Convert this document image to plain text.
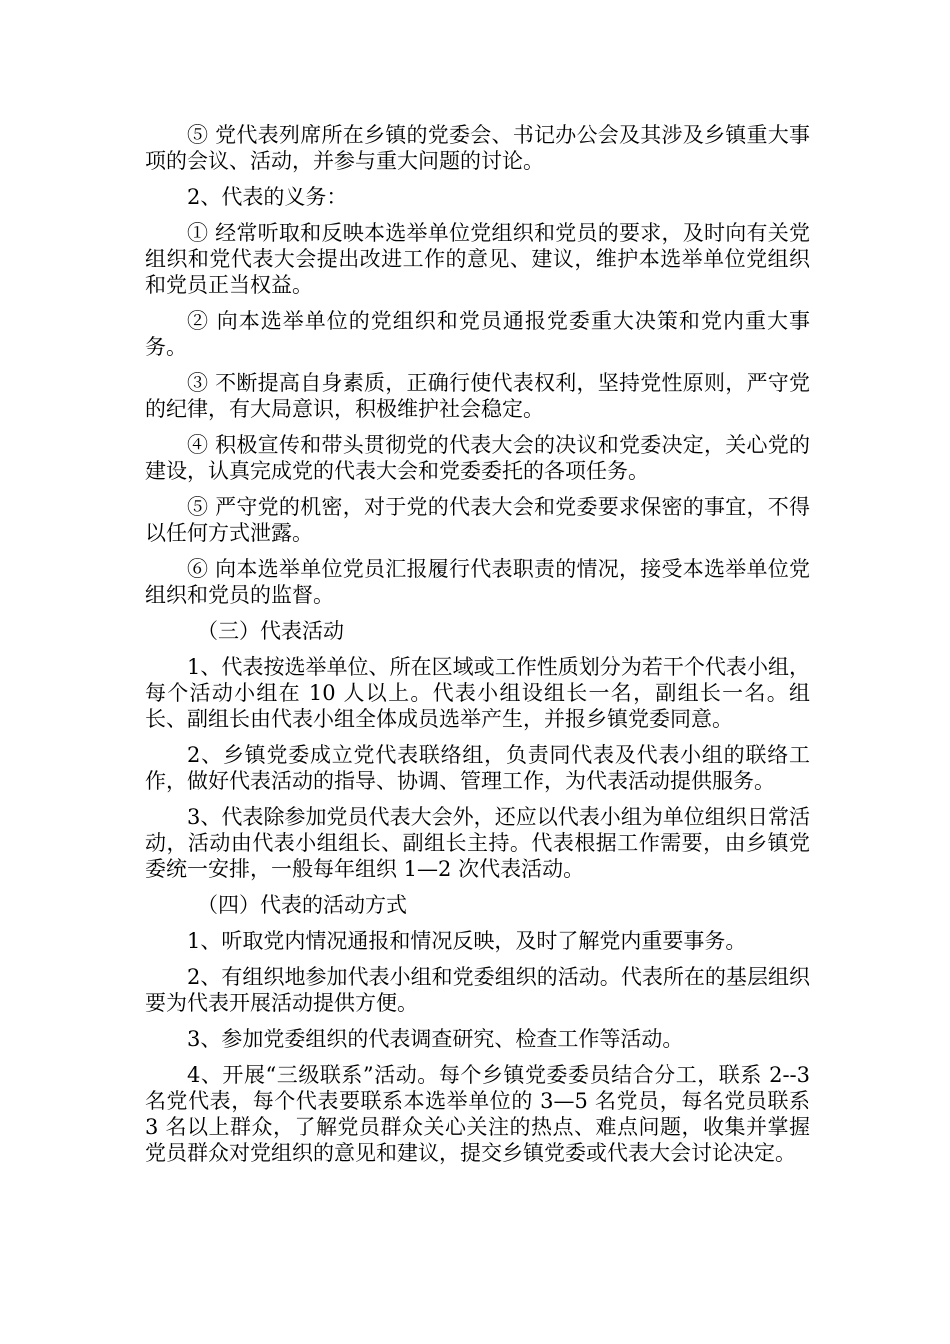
⑤ 党代表列席所在乡镇的党委会、书记办公会及其涉及乡镇重大事项的会议、活动，并参与重大问题的讨论。

2、代表的义务：

① 经常听取和反映本选举单位党组织和党员的要求，及时向有关党组织和党代表大会提出改进工作的意见、建议，维护本选举单位党组织和党员正当权益。

② 向本选举单位的党组织和党员通报党委重大决策和党内重大事务。

③ 不断提高自身素质，正确行使代表权利，坚持党性原则，严守党的纪律，有大局意识，积极维护社会稳定。

④ 积极宣传和带头贯彻党的代表大会的决议和党委决定，关心党的建设，认真完成党的代表大会和党委委托的各项任务。

⑤ 严守党的机密，对于党的代表大会和党委要求保密的事宜，不得以任何方式泄露。

⑥ 向本选举单位党员汇报履行代表职责的情况，接受本选举单位党组织和党员的监督。

（三）代表活动

1、代表按选举单位、所在区域或工作性质划分为若干个代表小组，每个活动小组在 10 人以上。代表小组设组长一名，副组长一名。组长、副组长由代表小组全体成员选举产生，并报乡镇党委同意。

2、乡镇党委成立党代表联络组，负责同代表及代表小组的联络工作，做好代表活动的指导、协调、管理工作，为代表活动提供服务。

3、代表除参加党员代表大会外，还应以代表小组为单位组织日常活动，活动由代表小组组长、副组长主持。代表根据工作需要，由乡镇党委统一安排，一般每年组织 1—2 次代表活动。

（四）代表的活动方式

1、听取党内情况通报和情况反映，及时了解党内重要事务。

2、有组织地参加代表小组和党委组织的活动。代表所在的基层组织要为代表开展活动提供方便。

3、参加党委组织的代表调查研究、检查工作等活动。

4、开展“三级联系”活动。每个乡镇党委委员结合分工，联系 2--3 名党代表，每个代表要联系本选举单位的 3—5 名党员，每名党员联系 3 名以上群众，了解党员群众关心关注的热点、难点问题，收集并掌握党员群众对党组织的意见和建议，提交乡镇党委或代表大会讨论决定。
